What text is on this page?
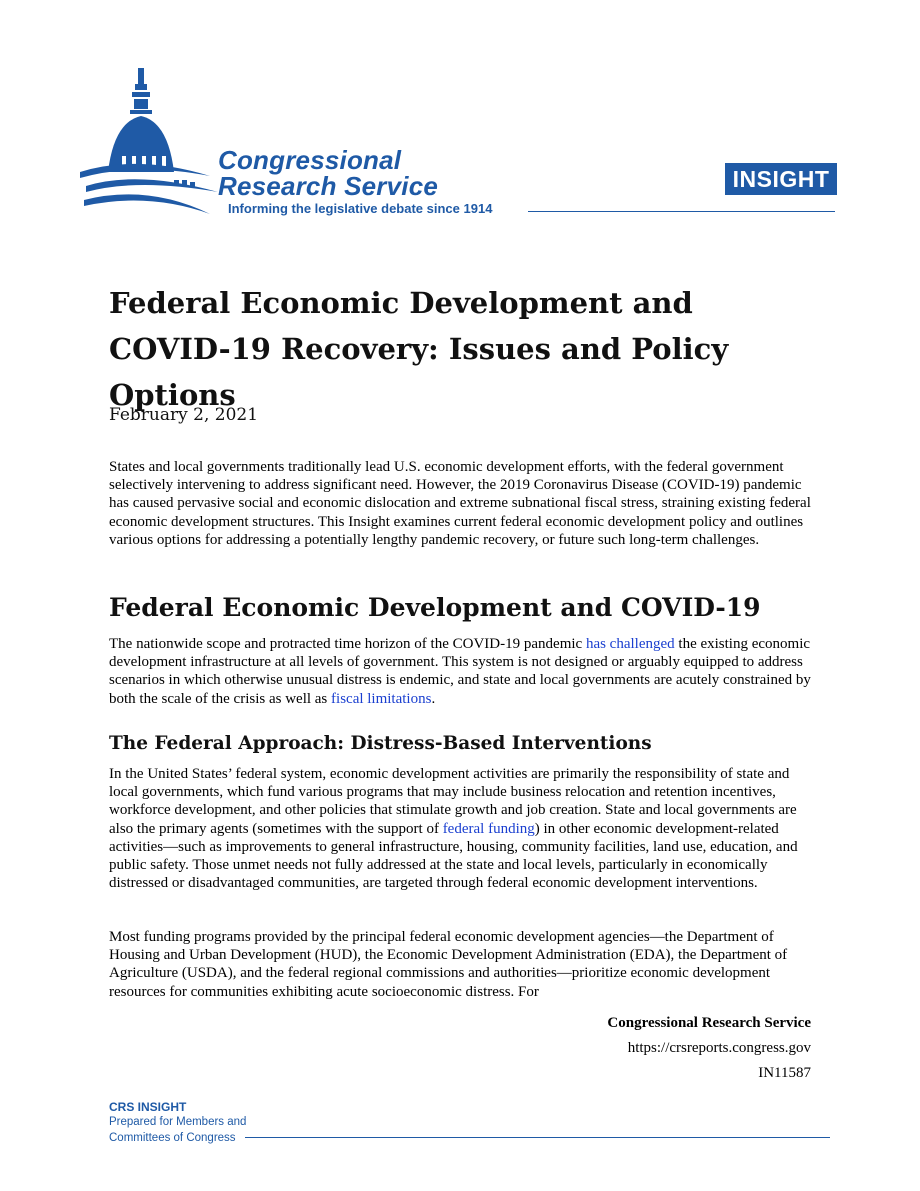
Congressional
Research Service
Informing the legislative debate since 1914
INSIGHT
Federal Economic Development and COVID-19 Recovery: Issues and Policy Options
February 2, 2021

States and local governments traditionally lead U.S. economic development efforts, with the federal government selectively intervening to address significant need. However, the 2019 Coronavirus Disease (COVID-19) pandemic has caused pervasive social and economic dislocation and extreme subnational fiscal stress, straining existing federal economic development structures. This Insight examines current federal economic development policy and outlines various options for addressing a potentially lengthy pandemic recovery, or future such long-term challenges.

Federal Economic Development and COVID-19

The nationwide scope and protracted time horizon of the COVID-19 pandemic has challenged the existing economic development infrastructure at all levels of government. This system is not designed or arguably equipped to address scenarios in which otherwise unusual distress is endemic, and state and local governments are acutely constrained by both the scale of the crisis as well as fiscal limitations.

The Federal Approach: Distress-Based Interventions

In the United States’ federal system, economic development activities are primarily the responsibility of state and local governments, which fund various programs that may include business relocation and retention incentives, workforce development, and other policies that stimulate growth and job creation. State and local governments are also the primary agents (sometimes with the support of federal funding) in other economic development-related activities—such as improvements to general infrastructure, housing, community facilities, land use, education, and public safety. Those unmet needs not fully addressed at the state and local levels, particularly in economically distressed or disadvantaged communities, are targeted through federal economic development interventions.

Most funding programs provided by the principal federal economic development agencies—the Department of Housing and Urban Development (HUD), the Economic Development Administration (EDA), the Department of Agriculture (USDA), and the federal regional commissions and authorities—prioritize economic development resources for communities exhibiting acute socioeconomic distress. For

Congressional Research Service
https://crsreports.congress.gov
IN11587
CRS INSIGHT
Prepared for Members and
Committees of Congress
